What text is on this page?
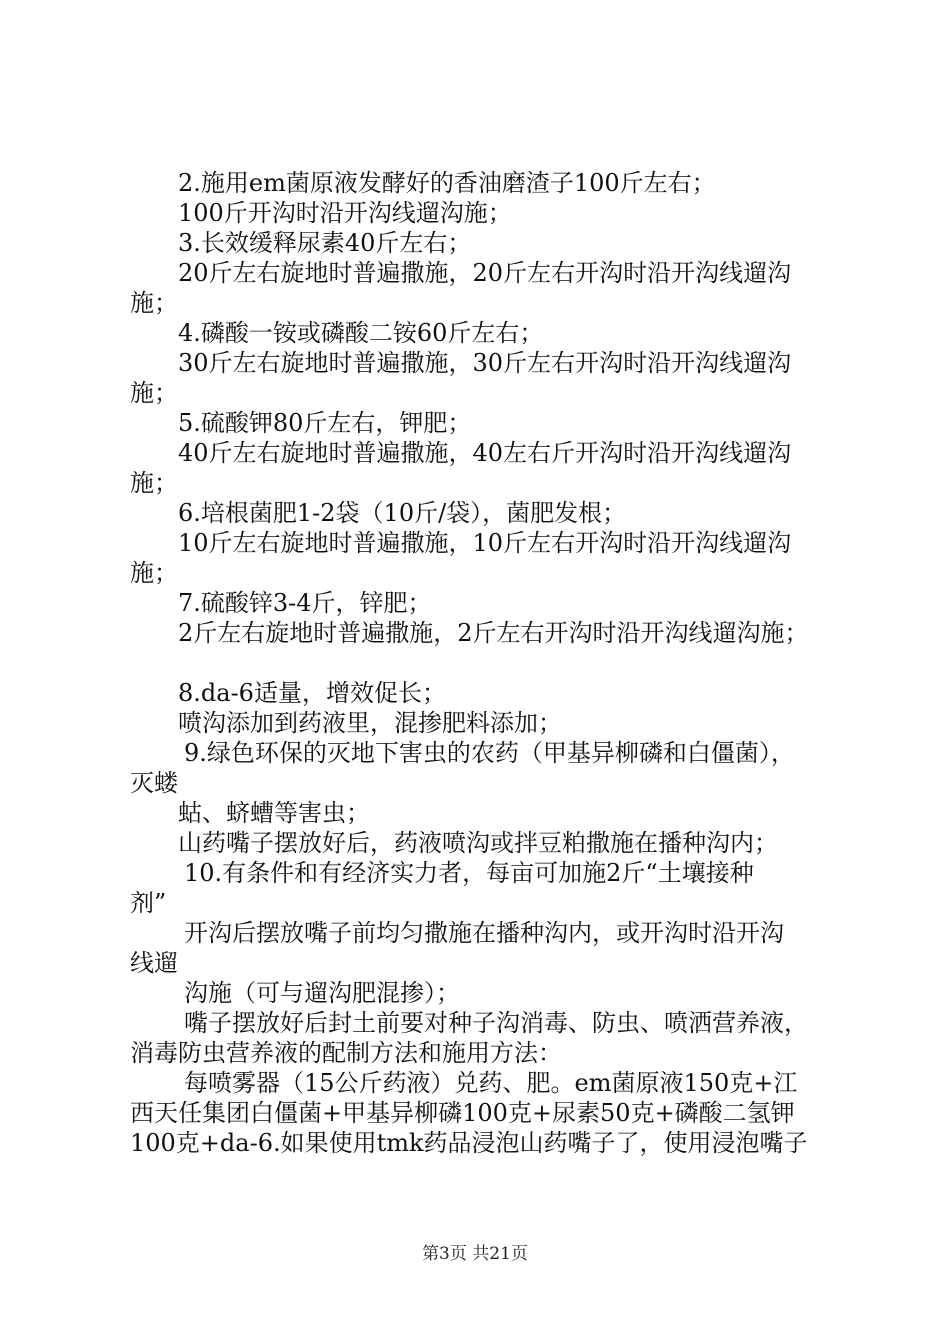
2.施用em菌原液发酵好的香油磨渣子100斤左右；
100斤开沟时沿开沟线遛沟施；
3.长效缓释尿素40斤左右；
20斤左右旋地时普遍撒施，20斤左右开沟时沿开沟线遛沟
施；
4.磷酸一铵或磷酸二铵60斤左右；
30斤左右旋地时普遍撒施，30斤左右开沟时沿开沟线遛沟
施；
5.硫酸钾80斤左右，钾肥；
40斤左右旋地时普遍撒施，40左右斤开沟时沿开沟线遛沟
施；
6.培根菌肥1-2袋（10斤/袋），菌肥发根；
10斤左右旋地时普遍撒施，10斤左右开沟时沿开沟线遛沟
施；
7.硫酸锌3-4斤，锌肥；
2斤左右旋地时普遍撒施，2斤左右开沟时沿开沟线遛沟施；
8.da-6适量，增效促长；
喷沟添加到药液里，混掺肥料添加；
9.绿色环保的灭地下害虫的农药（甲基异柳磷和白僵菌），
灭蝼
蛄、蛴螬等害虫；
山药嘴子摆放好后，药液喷沟或拌豆粕撒施在播种沟内；
10.有条件和有经济实力者，每亩可加施2斤“土壤接种
剂”
开沟后摆放嘴子前均匀撒施在播种沟内，或开沟时沿开沟
线遛
沟施（可与遛沟肥混掺）；
嘴子摆放好后封土前要对种子沟消毒、防虫、喷洒营养液，
消毒防虫营养液的配制方法和施用方法：
每喷雾器（15公斤药液）兑药、肥。em菌原液150克+江
西天任集团白僵菌+甲基异柳磷100克+尿素50克+磷酸二氢钾
100克+da-6.如果使用tmk药品浸泡山药嘴子了，使用浸泡嘴子
第3页 共21页
